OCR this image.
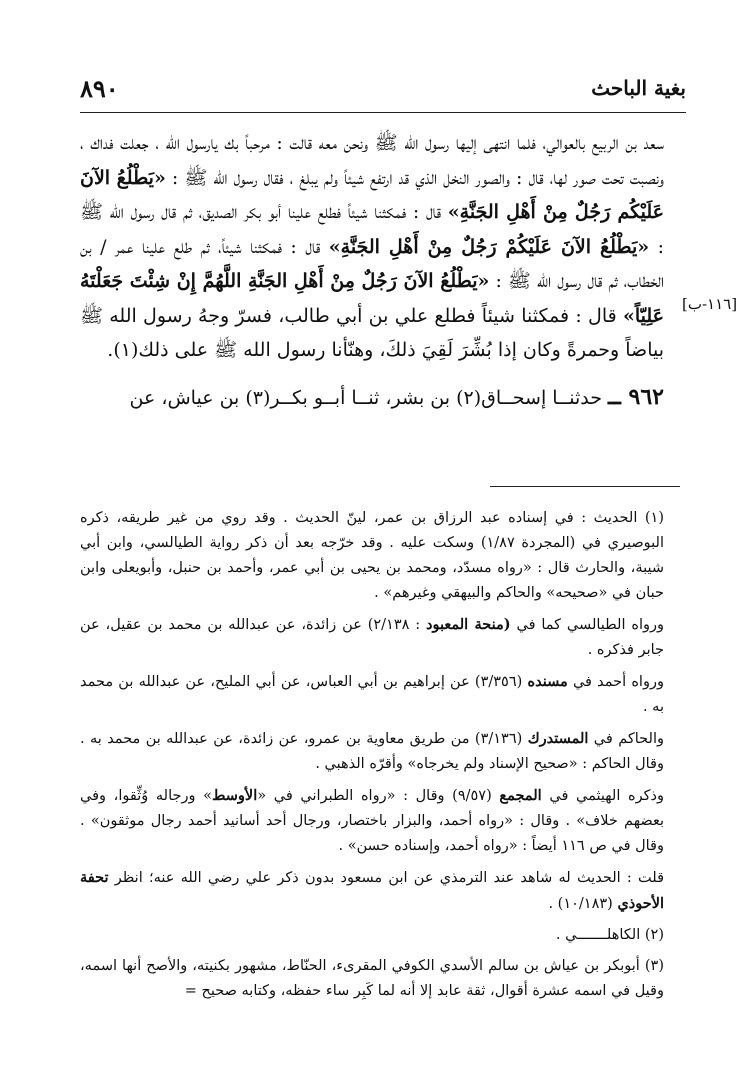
٨٩٠	بغية الباحث
[١١٦-ب]

سعد بن الربيع بالعوالي، فلما انتهى إليها رسول الله ﷺ ونحن معه قالت : مرحباً بك يارسول الله ، جعلت فداك ، ونصبت تحت صور لها، قال : والصور النخل الذي قد ارتفع شيئاً ولم يبلغ ، فقال رسول الله ﷺ : «يَطْلُعُ الآنَ عَلَيْكُم رَجُلٌ مِنْ أَهْلِ الجَنَّةِ» قال : فمكثنا شيئاً فطلع علينا أبو بكر الصديق، ثم قال رسول الله ﷺ : «يَطْلُعُ الآنَ عَلَيْكُمْ رَجُلٌ مِنْ أَهْلِ الجَنَّةِ» قال : فمكثنا شيئاً، ثم طلع علينا عمر / بن الخطاب، ثم قال رسول الله ﷺ : «يَطْلُعُ الآنَ رَجُلٌ مِنْ أَهْلِ الجَنَّةِ اللَّهُمَّ إِنْ شِئْتَ جَعَلْتَهُ عَلِيّاً» قال : فمكثنا شيئاً فطلع علي بن أبي طالب، فسرّ وجهُ رسول الله ﷺ بياضاً وحمرةً وكان إذا بُشِّرَ لَقِيَ ذلكَ، وهنّأنا رسول الله ﷺ على ذلك(١).

٩٦٢ ــ حدثنــا إسحــاق(٢) بن بشر، ثنــا أبــو بكــر(٣) بن عياش، عن

(١) الحديث : في إسناده عبد الرزاق بن عمر، لينّ الحديث . وقد روي من غير طريقه، ذكره البوصيري في (المجردة ١/٨٧) وسكت عليه . وقد خرّجه بعد أن ذكر رواية الطيالسي، وابن أبي شيبة، والحارث قال : «رواه مسدّد، ومحمد بن يحيى بن أبي عمر، وأحمد بن حنبل، وأبويعلى وابن حبان في «صحيحه» والحاكم والبيهقي وغيرهم» .

ورواه الطيالسي كما في (منحة المعبود : ٢/١٣٨) عن زائدة، عن عبدالله بن محمد بن عقيل، عن جابر فذكره .

ورواه أحمد في مسنده (٣/٣٥٦) عن إبراهيم بن أبي العباس، عن أبي المليح، عن عبدالله بن محمد به .

والحاكم في المستدرك (٣/١٣٦) من طريق معاوية بن عمرو، عن زائدة، عن عبدالله بن محمد به . وقال الحاكم : «صحيح الإسناد ولم يخرجاه» وأقرّه الذهبي .

وذكره الهيثمي في المجمع (٩/٥٧) وقال : «رواه الطبراني في «الأوسط» ورجاله وُثِّقوا، وفي بعضهم خلاف» . وقال : «رواه أحمد، والبزار باختصار، ورجال أحد أسانيد أحمد رجال موثقون» . وقال في ص ١١٦ أيضاً : «رواه أحمد، وإسناده حسن» .

قلت : الحديث له شاهد عند الترمذي عن ابن مسعود بدون ذكر علي رضي الله عنه؛ انظر تحفة الأحوذي (١٠/١٨٣) .

(٢) الكاهلـــــــي .

(٣) أبوبكر بن عياش بن سالم الأسدي الكوفي المقرىء، الحنّاط، مشهور بكنيته، والأصح أنها اسمه، وقيل في اسمه عشرة أقوال، ثقة عابد إلا أنه لما كَبِر ساء حفظه، وكتابه صحيح =
